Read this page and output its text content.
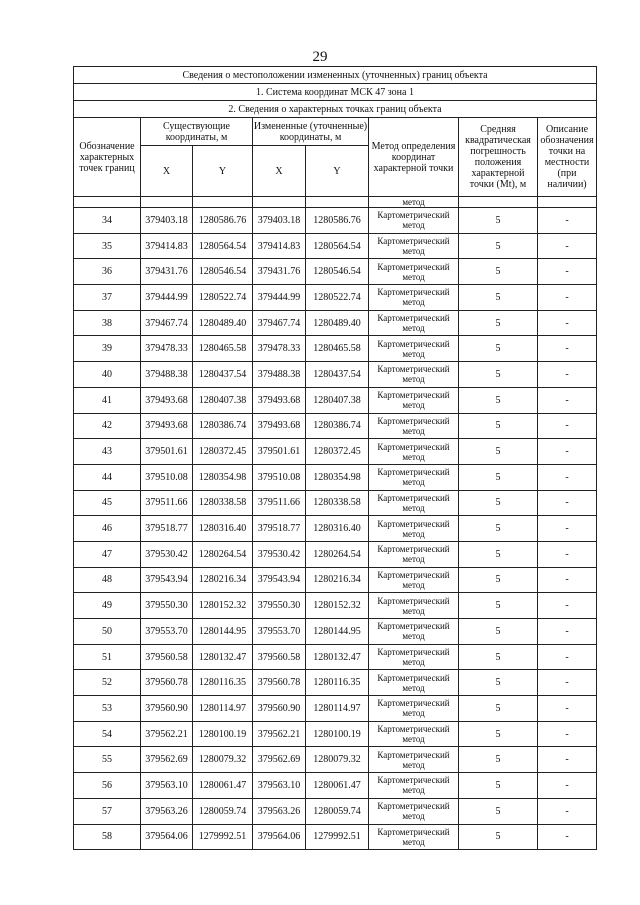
29
Сведения о местоположении измененных (уточненных) границ объекта							
1. Система координат МСК 47 зона 1							
2. Сведения о характерных точках границ объекта							
Обозначение характерных точек границ	Существующие координаты, м		Измененные (уточненные) координаты, м		Метод определения координат характерной точки	Средняя квадратическая погрешность положения характерной точки (Mt), м	Описание обозначения точки на местности (при наличии)
	X	Y	X	Y			
					метод		
34	379403.18	1280586.76	379403.18	1280586.76	Картометрический метод	5	-
35	379414.83	1280564.54	379414.83	1280564.54	Картометрический метод	5	-
36	379431.76	1280546.54	379431.76	1280546.54	Картометрический метод	5	-
37	379444.99	1280522.74	379444.99	1280522.74	Картометрический метод	5	-
38	379467.74	1280489.40	379467.74	1280489.40	Картометрический метод	5	-
39	379478.33	1280465.58	379478.33	1280465.58	Картометрический метод	5	-
40	379488.38	1280437.54	379488.38	1280437.54	Картометрический метод	5	-
41	379493.68	1280407.38	379493.68	1280407.38	Картометрический метод	5	-
42	379493.68	1280386.74	379493.68	1280386.74	Картометрический метод	5	-
43	379501.61	1280372.45	379501.61	1280372.45	Картометрический метод	5	-
44	379510.08	1280354.98	379510.08	1280354.98	Картометрический метод	5	-
45	379511.66	1280338.58	379511.66	1280338.58	Картометрический метод	5	-
46	379518.77	1280316.40	379518.77	1280316.40	Картометрический метод	5	-
47	379530.42	1280264.54	379530.42	1280264.54	Картометрический метод	5	-
48	379543.94	1280216.34	379543.94	1280216.34	Картометрический метод	5	-
49	379550.30	1280152.32	379550.30	1280152.32	Картометрический метод	5	-
50	379553.70	1280144.95	379553.70	1280144.95	Картометрический метод	5	-
51	379560.58	1280132.47	379560.58	1280132.47	Картометрический метод	5	-
52	379560.78	1280116.35	379560.78	1280116.35	Картометрический метод	5	-
53	379560.90	1280114.97	379560.90	1280114.97	Картометрический метод	5	-
54	379562.21	1280100.19	379562.21	1280100.19	Картометрический метод	5	-
55	379562.69	1280079.32	379562.69	1280079.32	Картометрический метод	5	-
56	379563.10	1280061.47	379563.10	1280061.47	Картометрический метод	5	-
57	379563.26	1280059.74	379563.26	1280059.74	Картометрический метод	5	-
58	379564.06	1279992.51	379564.06	1279992.51	Картометрический метод	5	-
